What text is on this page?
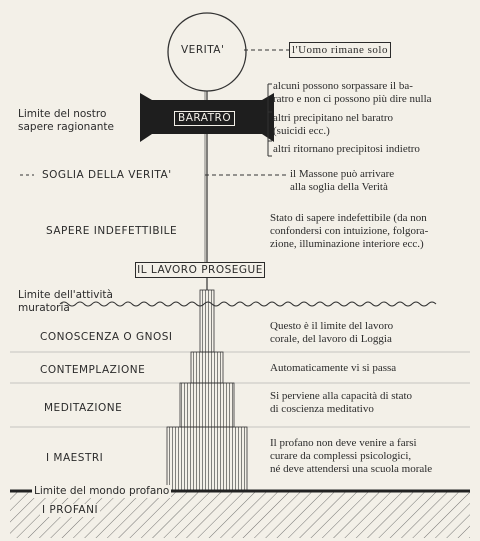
VERITA'	l'Uomo rimane solo
Limite del nostro
sapere ragionante
BARATRO
alcuni possono sorpassare il ba-
ratro e non ci possono più dire nulla
altri precipitano nel baratro
(suicidi ecc.)
altri ritornano precipitosi indietro
SOGLIA DELLA VERITA'	il Massone può arrivare
alla soglia della Verità
SAPERE INDEFETTIBILE
Stato di sapere indefettibile (da non
confondersi con intuizione, folgora-
zione, illuminazione interiore ecc.)
IL LAVORO PROSEGUE
Limite dell'attività
muratoria
CONOSCENZA O GNOSI
Questo è il limite del lavoro
corale, del lavoro di Loggia
CONTEMPLAZIONE	Automaticamente vi si passa
MEDITAZIONE
Si perviene alla capacità di stato
di coscienza meditativo
I MAESTRI
Il profano non deve venire a farsi
curare da complessi psicologici,
né deve attendersi una scuola morale
Limite del mondo profano
I PROFANI
